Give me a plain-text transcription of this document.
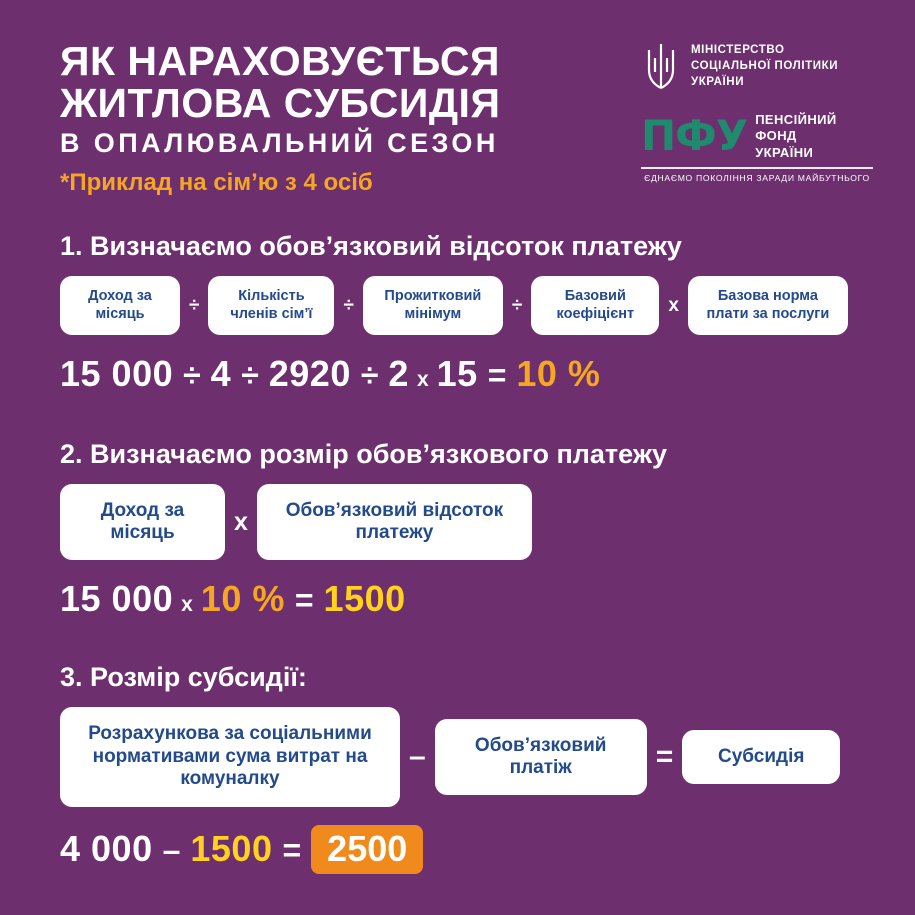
ЯК НАРАХОВУЄТЬСЯ
ЖИТЛОВА СУБСИДІЯ
В ОПАЛЮВАЛЬНИЙ СЕЗОН
*Приклад на сім’ю з 4 осіб
МІНІСТЕРСТВО
СОЦІАЛЬНОЇ ПОЛІТИКИ
УКРАЇНИ
ПФУ ПЕНСІЙНИЙ
ФОНД
УКРАЇНИ
ЄДНАЄМО ПОКОЛІННЯ ЗАРАДИ МАЙБУТНЬОГО
1. Визначаємо обов’язковий відсоток платежу
Доход за місяць	÷	Кількість членів сім’ї	÷	Прожитковий мінімум	÷	Базовий коефіцієнт	х	Базова норма плати за послуги
15 000 ÷ 4 ÷ 2920 ÷ 2 х 15 = 10 %
2. Визначаємо розмір обов’язкового платежу
Доход за місяць	х	Обов’язковий відсоток платежу
15 000 х 10 % = 1500
3. Розмір субсидії:
Розрахункова за соціальними нормативами сума витрат на комуналку
–	Обов’язковий платіж	=	Субсидія
4 000 – 1500 = 2500
